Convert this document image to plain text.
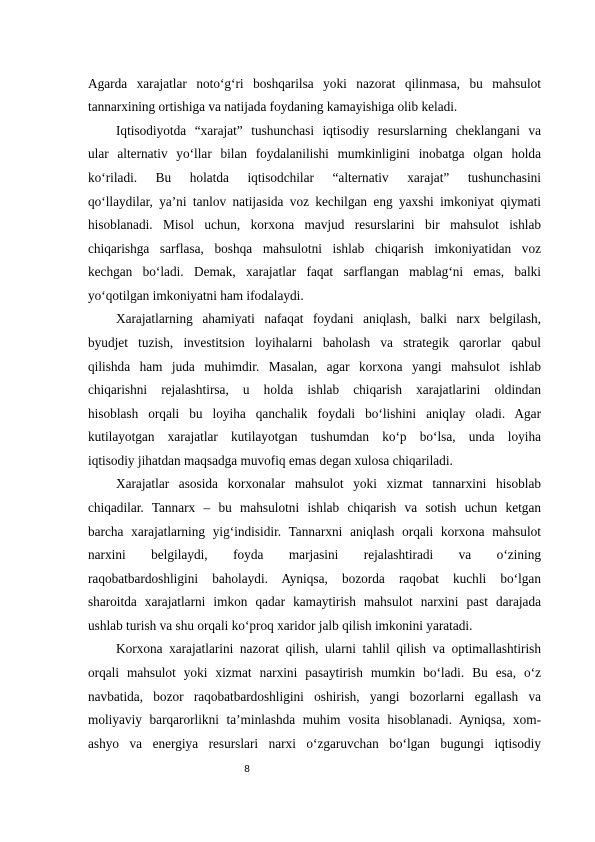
Agarda xarajatlar noto‘g‘ri boshqarilsa yoki nazorat qilinmasa, bu mahsulot
tannarxining ortishiga va natijada foydaning kamayishiga olib keladi.
Iqtisodiyotda “xarajat” tushunchasi iqtisodiy resurslarning cheklangani va
ular alternativ yo‘llar bilan foydalanilishi mumkinligini inobatga olgan holda
ko‘riladi. Bu holatda iqtisodchilar “alternativ xarajat” tushunchasini
qo‘llaydilar, ya’ni tanlov natijasida voz kechilgan eng yaxshi imkoniyat qiymati
hisoblanadi. Misol uchun, korxona mavjud resurslarini bir mahsulot ishlab
chiqarishga sarflasa, boshqa mahsulotni ishlab chiqarish imkoniyatidan voz
kechgan bo‘ladi. Demak, xarajatlar faqat sarflangan mablag‘ni emas, balki
yo‘qotilgan imkoniyatni ham ifodalaydi.
Xarajatlarning ahamiyati nafaqat foydani aniqlash, balki narx belgilash,
byudjet tuzish, investitsion loyihalarni baholash va strategik qarorlar qabul
qilishda ham juda muhimdir. Masalan, agar korxona yangi mahsulot ishlab
chiqarishni rejalashtirsa, u holda ishlab chiqarish xarajatlarini oldindan
hisoblash orqali bu loyiha qanchalik foydali bo‘lishini aniqlay oladi. Agar
kutilayotgan xarajatlar kutilayotgan tushumdan ko‘p bo‘lsa, unda loyiha
iqtisodiy jihatdan maqsadga muvofiq emas degan xulosa chiqariladi.
Xarajatlar asosida korxonalar mahsulot yoki xizmat tannarxini hisoblab
chiqadilar. Tannarx – bu mahsulotni ishlab chiqarish va sotish uchun ketgan
barcha xarajatlarning yig‘indisidir. Tannarxni aniqlash orqali korxona mahsulot
narxini belgilaydi, foyda marjasini rejalashtiradi va o‘zining
raqobatbardoshligini baholaydi. Ayniqsa, bozorda raqobat kuchli bo‘lgan
sharoitda xarajatlarni imkon qadar kamaytirish mahsulot narxini past darajada
ushlab turish va shu orqali ko‘proq xaridor jalb qilish imkonini yaratadi.
Korxona xarajatlarini nazorat qilish, ularni tahlil qilish va optimallashtirish
orqali mahsulot yoki xizmat narxini pasaytirish mumkin bo‘ladi. Bu esa, o‘z
navbatida, bozor raqobatbardoshligini oshirish, yangi bozorlarni egallash va
moliyaviy barqarorlikni ta’minlashda muhim vosita hisoblanadi. Ayniqsa, xom-
ashyo va energiya resurslari narxi o‘zgaruvchan bo‘lgan bugungi iqtisodiy
8
